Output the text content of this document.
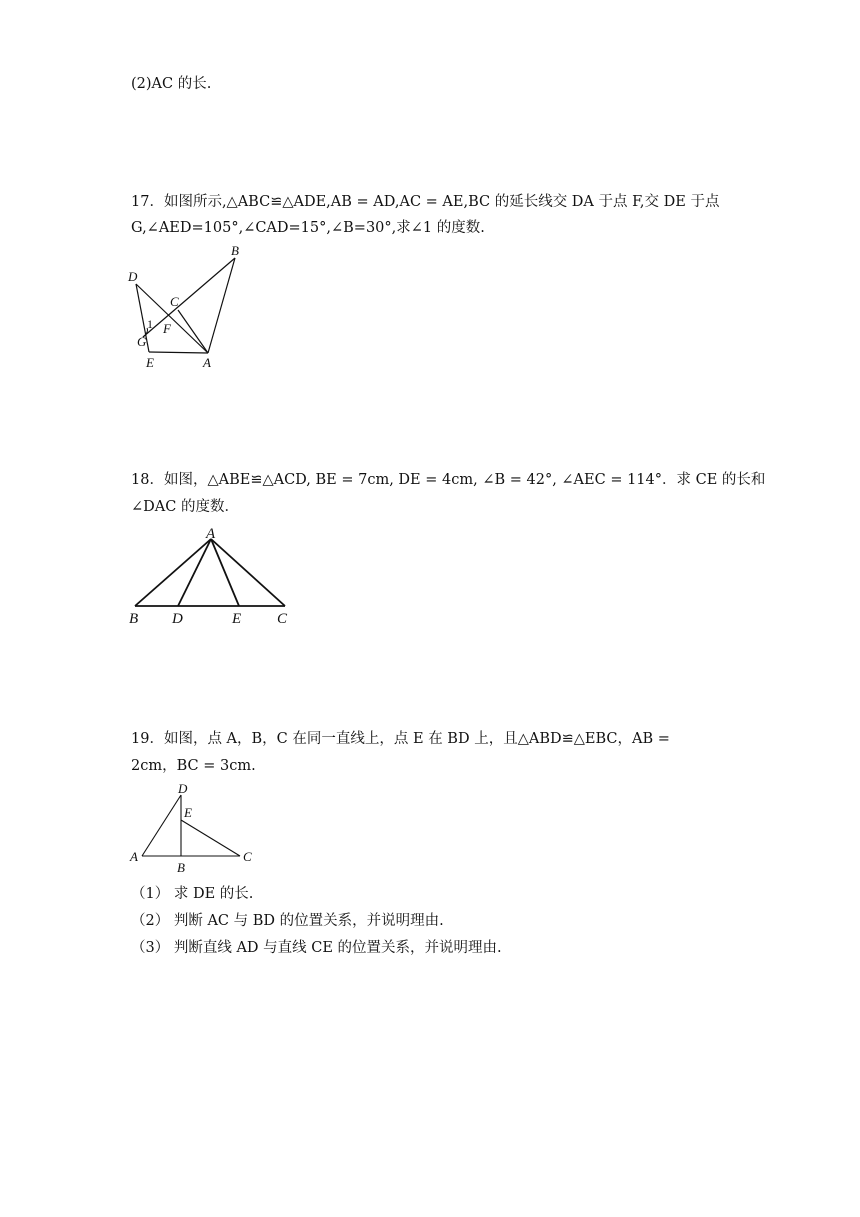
(2)AC 的长.
17．如图所示,△ABC≌△ADE,AB = AD,AC = AE,BC 的延长线交 DA 于点 F,交 DE 于点
G,∠AED=105°,∠CAD=15°,∠B=30°,求∠1 的度数.
B
D
C
1 F
G
E	A
18．如图，△ABE≌△ACD, BE = 7cm, DE = 4cm, ∠B = 42°, ∠AEC = 114°．求 CE 的长和
∠DAC 的度数．
A
B D	E C
19．如图，点 A，B，C 在同一直线上，点 E 在 BD 上，且△ABD≌△EBC，AB =
2cm，BC = 3cm.
D
E
A
B
C
（1） 求 DE 的长.
（2） 判断 AC 与 BD 的位置关系，并说明理由.
（3） 判断直线 AD 与直线 CE 的位置关系，并说明理由.
